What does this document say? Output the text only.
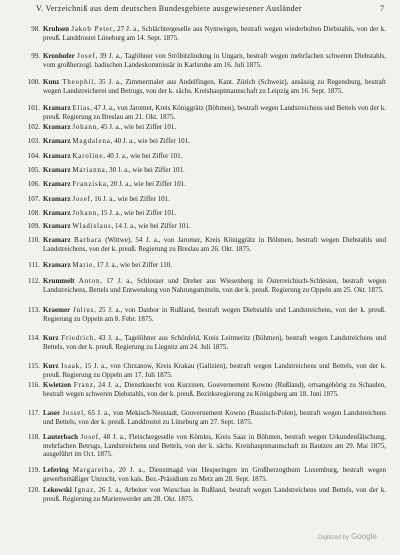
V. Verzeichniß aus dem deutschen Bundesgebiete ausgewiesener Ausländer	7
98. Kruhsen Jakob Peter, 27 J. a., Schlächtergeselle aus Nymwegen, bestraft wegen wiederholten Diebstahls, von der k. preuß. Landdrostei Lüneburg am 14. Sept. 1875.

99. Kronhofer Josef, 39 J. a., Taglöhner von Ströbitzlindung in Ungarn, bestraft wegen mehrfachen schweren Diebstahls, vom großherzogl. badischen Landeskommissär in Karlsruhe am 16. Juli 1875.

100. Kunz Theophil, 35 J. a., Zimmermaler aus Andelfingen, Kant. Zürich (Schweiz), ansässig zu Regensburg, bestraft wegen Landstreicherei und Betrugs, von der k. sächs. Kreishauptmannschaft zu Leipzig am 16. Sept. 1875.

101. Kramarz Elias, 47 J. a., von Jaromer, Kreis Königgrätz (Böhmen), bestraft wegen Landstreichens und Bettels von der k. preuß. Regierung zu Breslau am 21. Okt. 1875.

102. Kramarz Johann, 45 J. a., wie bei Ziffer 101.

103. Kramarz Magdalena, 40 J. a., wie bei Ziffer 101.

104. Kramarz Karoline, 40 J. a., wie bei Ziffer 101.

105. Kramarz Marianna, 30 J. a., wie bei Ziffer 101.

106. Kramarz Franziska, 20 J. a., wie bei Ziffer 101.

107. Kramarz Josef, 16 J. a., wie bei Ziffer 101.

108. Kramarz Johann, 15 J. a., wie bei Ziffer 101.

109. Kramarz Wladislaus, 14 J. a., wie bei Ziffer 101.

110. Kramarz Barbara (Wittwe), 54 J. a., von Jaromer, Kreis Königgrätz in Böhmen, bestraft wegen Diebstahls und Landstreichens, von der k. preuß. Regierung zu Breslau am 26. Okt. 1875.

111. Kramarz Marie, 17 J. a., wie bei Ziffer 110.

112. Krummelt Anton, 17 J. a., Schlosser und Dreher aus Wiesenberg in Österreichisch-Schlesien, bestraft wegen Landstreichens, Bettels und Entwendung von Nahrungsmitteln, von der k. preuß. Regierung zu Oppeln am 25. Okt. 1875.

113. Kraemer Julius, 25 J. a., von Danbor in Rußland, bestraft wegen Diebstahls und Landstreichens, von der k. preuß. Regierung zu Oppeln am 8. Febr. 1875.

114. Kurz Friedrich, 43 J. a., Tagelöhner aus Schönfeld, Kreis Leitmeritz (Böhmen), bestraft wegen Landstreichens und Bettels, von der k. preuß. Regierung zu Liegnitz am 24. Juli 1875.

115. Kurz Isaak, 15 J. a., von Chrzanow, Kreis Krakau (Galizien), bestraft wegen Landstreichens und Bettels, von der k. preuß. Regierung zu Oppeln am 17. Juli 1875.

116. Kwietzen Franz, 24 J. a., Dienstknecht von Kurzinen, Gouvernement Kowno (Rußland), ortsangehörig zu Schaulen, bestraft wegen schweren Diebstahls, von der k. preuß. Bezirksregierung zu Königsberg am 18. Juni 1875.

117. Laser Jossel, 65 J. a., von Mekisch-Neustadt, Gouvernement Kowno (Russisch-Polen), bestraft wegen Landstreichens und Bettels, von der k. preuß. Landdrostei zu Lüneburg am 27. Sept. 1875.

118. Lauterbach Josef, 48 J. a., Fleischergeselle von Kömles, Kreis Saaz in Böhmen, bestraft wegen Urkundenfälschung, mehrfachen Betrugs, Landstreichens und Bettels, von der k. sächs. Kreishauptmannschaft zu Bautzen am 29. Mai 1875, ausgeführt im Oct. 1875.

119. Lefering Margaretha, 20 J. a., Dienstmagd von Hesperingen im Großherzogthum Luxemburg, bestraft wegen gewerbsmäßiger Unzucht, von kais. Bez.-Präsidium zu Metz am 28. Sept. 1875.

120. Lekowski Ignaz, 26 J. a., Arbeiter von Warschau in Rußland, bestraft wegen Landstreichens und Bettels, von der k. preuß. Regierung zu Marienwerder am 28. Okt. 1875.

Digitized by Google
